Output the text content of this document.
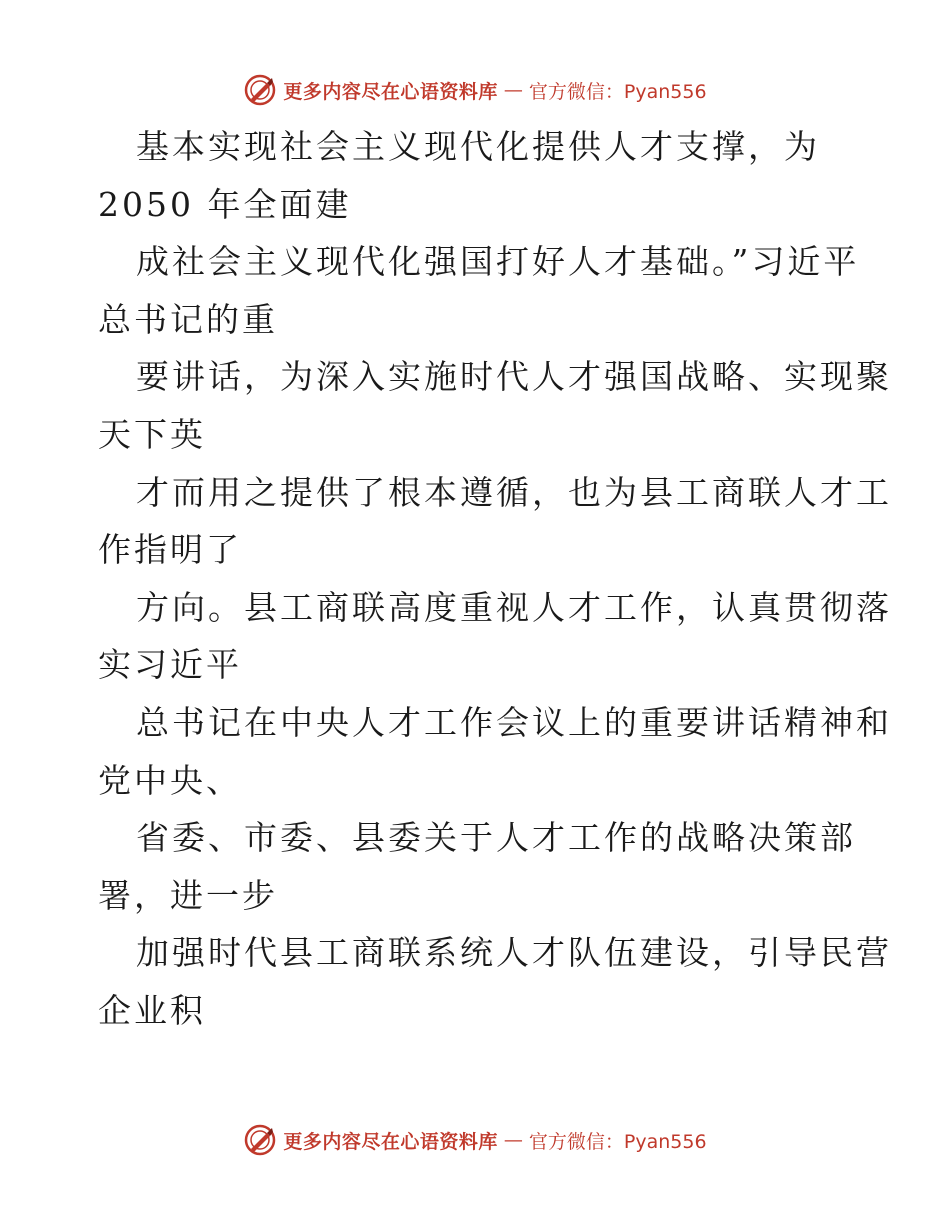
更多内容尽在心语资料库 — 官方微信：Pyan556
基本实现社会主义现代化提供人才支撑，为
2050 年全面建
成社会主义现代化强国打好人才基础。”习近平
总书记的重
要讲话，为深入实施时代人才强国战略、实现聚
天下英
才而用之提供了根本遵循，也为县工商联人才工
作指明了
方向。县工商联高度重视人才工作，认真贯彻落
实习近平
总书记在中央人才工作会议上的重要讲话精神和
党中央、
省委、市委、县委关于人才工作的战略决策部
署，进一步
加强时代县工商联系统人才队伍建设，引导民营
企业积
更多内容尽在心语资料库 — 官方微信：Pyan556
